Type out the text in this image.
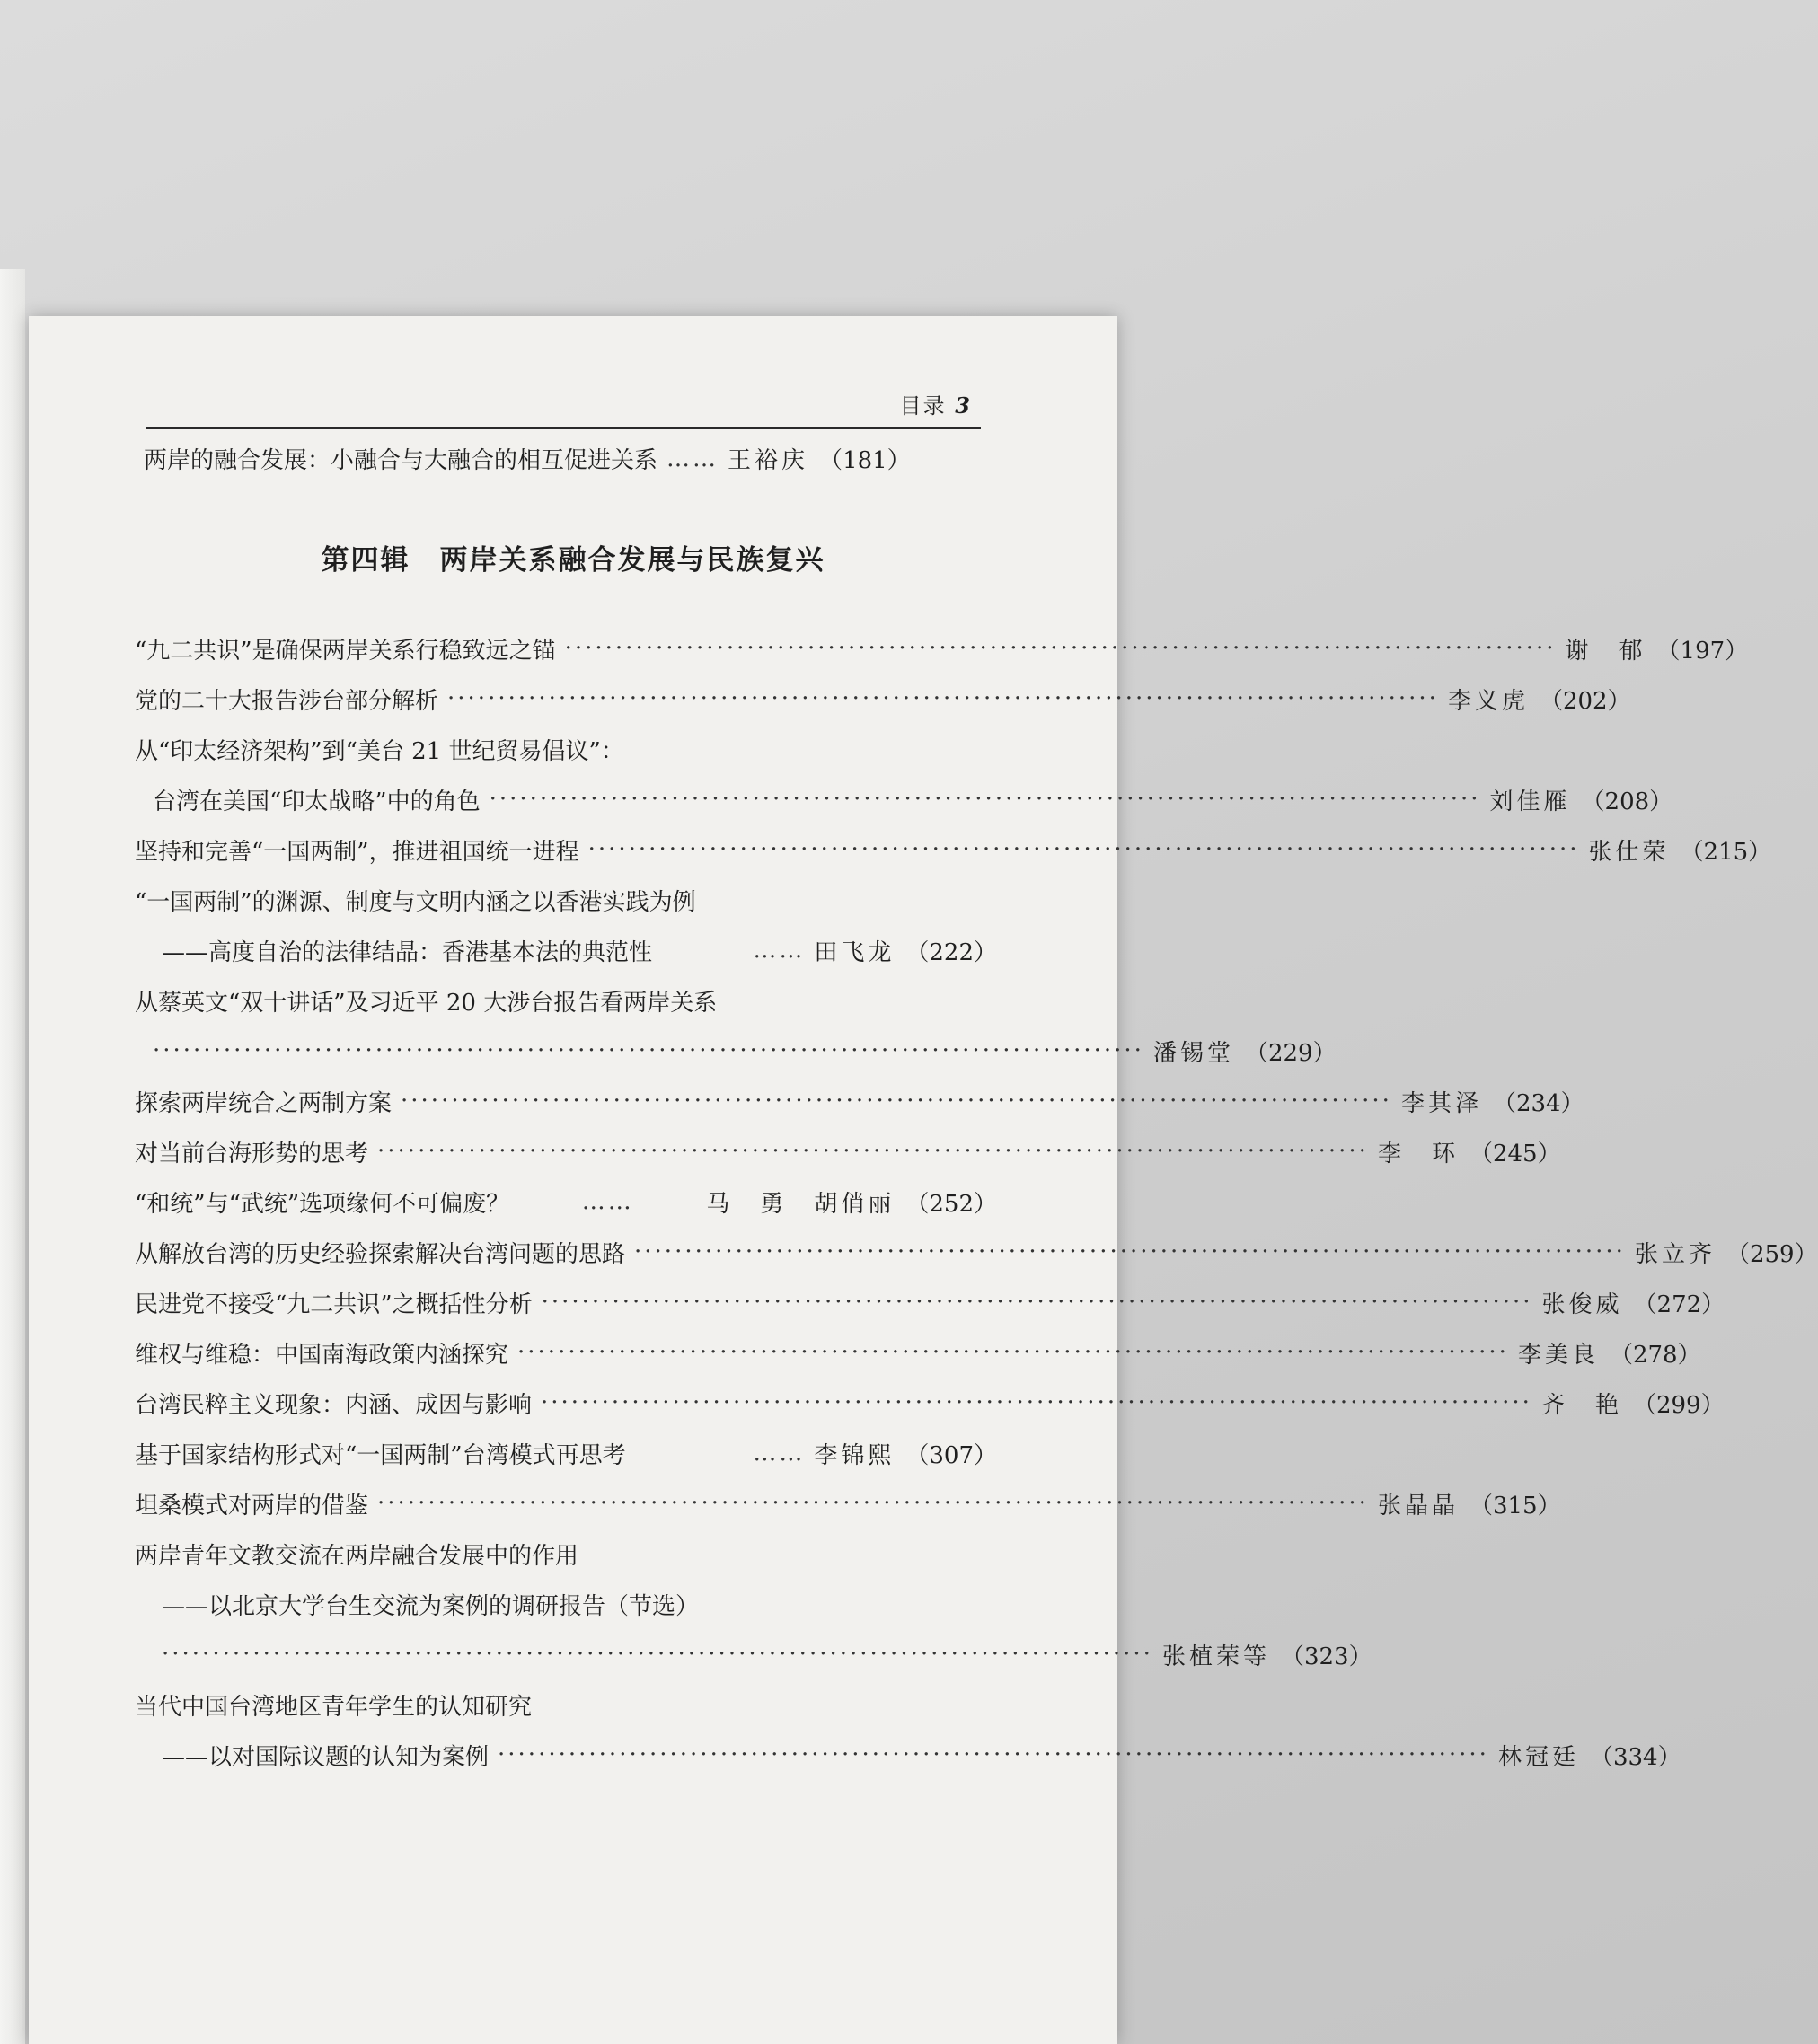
目录 3
两岸的融合发展：小融合与大融合的相互促进关系 …… 王裕庆 （181）
第四辑　两岸关系融合发展与民族复兴
“九二共识”是确保两岸关系行稳致远之锚 ·································································································· 谢　郁 （197）
党的二十大报告涉台部分解析 ·································································································· 李义虎 （202）
从“印太经济架构”到“美台 21 世纪贸易倡议”：
台湾在美国“印太战略”中的角色 ·································································································· 刘佳雁 （208）
坚持和完善“一国两制”，推进祖国统一进程 ·································································································· 张仕荣 （215）
“一国两制”的渊源、制度与文明内涵之以香港实践为例
——高度自治的法律结晶：香港基本法的典范性	…… 田飞龙 （222）
从蔡英文“双十讲话”及习近平 20 大涉台报告看两岸关系
·································································································· 潘锡堂 （229）
探索两岸统合之两制方案 ·································································································· 李其泽 （234）
对当前台海形势的思考 ·································································································· 李　环 （245）
“和统”与“武统”选项缘何不可偏废？	……	马　勇　胡俏丽 （252）
从解放台湾的历史经验探索解决台湾问题的思路 ·································································································· 张立齐 （259）
民进党不接受“九二共识”之概括性分析 ·································································································· 张俊威 （272）
维权与维稳：中国南海政策内涵探究 ·································································································· 李美良 （278）
台湾民粹主义现象：内涵、成因与影响 ·································································································· 齐　艳 （299）
基于国家结构形式对“一国两制”台湾模式再思考	…… 李锦熙 （307）
坦桑模式对两岸的借鉴 ·································································································· 张晶晶 （315）
两岸青年文教交流在两岸融合发展中的作用
——以北京大学台生交流为案例的调研报告（节选）
·································································································· 张植荣等 （323）
当代中国台湾地区青年学生的认知研究
——以对国际议题的认知为案例 ·································································································· 林冠廷 （334）
